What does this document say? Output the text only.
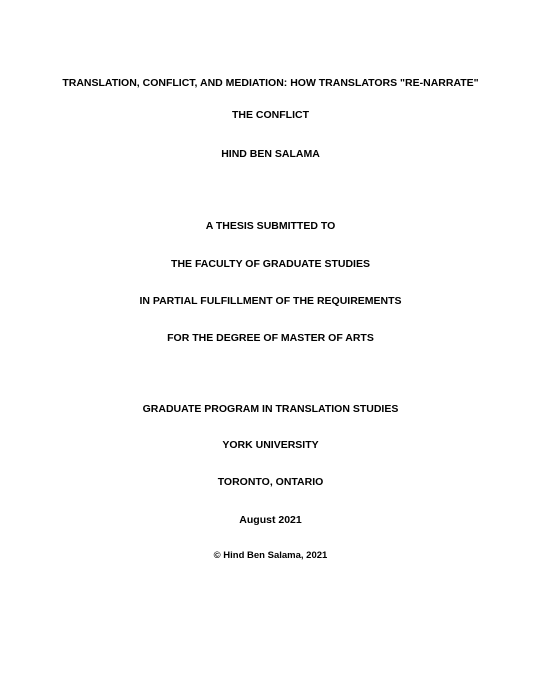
TRANSLATION, CONFLICT, AND MEDIATION: HOW TRANSLATORS "RE-NARRATE"
THE CONFLICT
HIND BEN SALAMA
A THESIS SUBMITTED TO
THE FACULTY OF GRADUATE STUDIES
IN PARTIAL FULFILLMENT OF THE REQUIREMENTS
FOR THE DEGREE OF MASTER OF ARTS
GRADUATE PROGRAM IN TRANSLATION STUDIES
YORK UNIVERSITY
TORONTO, ONTARIO
August 2021
© Hind Ben Salama, 2021
